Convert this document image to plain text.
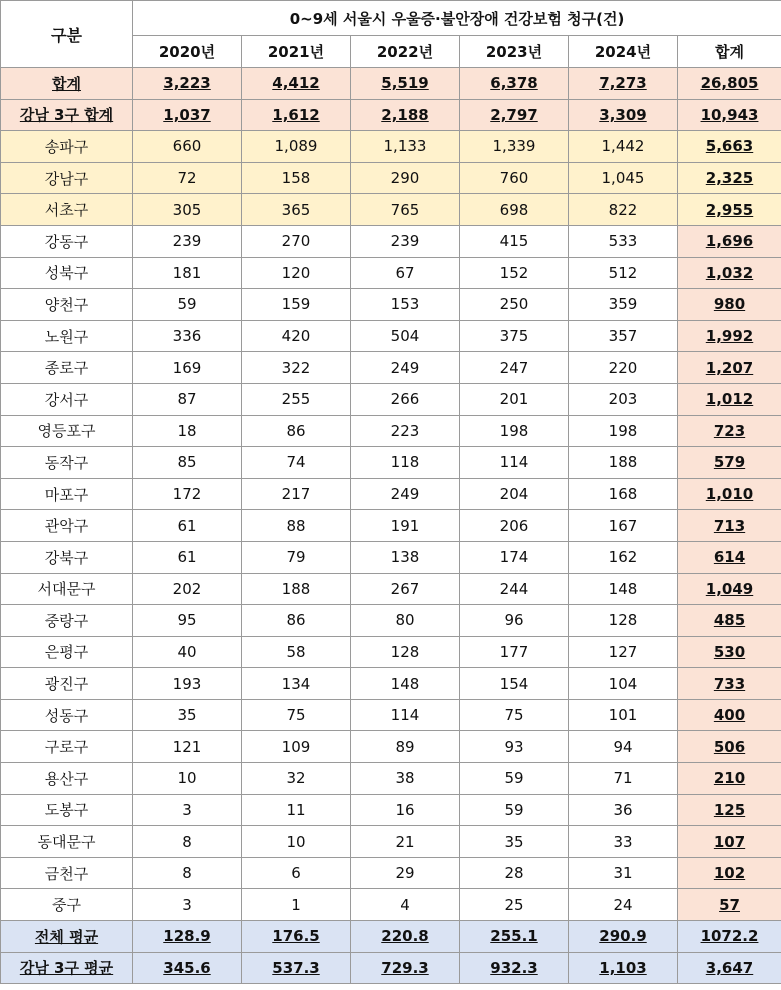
구분	0~9세 서울시 우울증·불안장애 건강보험 청구(건)					
	2020년	2021년	2022년	2023년	2024년	합계
합계	3,223	4,412	5,519	6,378	7,273	26,805
강남 3구 합계	1,037	1,612	2,188	2,797	3,309	10,943
송파구	660	1,089	1,133	1,339	1,442	5,663
강남구	72	158	290	760	1,045	2,325
서초구	305	365	765	698	822	2,955
강동구	239	270	239	415	533	1,696
성북구	181	120	67	152	512	1,032
양천구	59	159	153	250	359	980
노원구	336	420	504	375	357	1,992
종로구	169	322	249	247	220	1,207
강서구	87	255	266	201	203	1,012
영등포구	18	86	223	198	198	723
동작구	85	74	118	114	188	579
마포구	172	217	249	204	168	1,010
관악구	61	88	191	206	167	713
강북구	61	79	138	174	162	614
서대문구	202	188	267	244	148	1,049
중랑구	95	86	80	96	128	485
은평구	40	58	128	177	127	530
광진구	193	134	148	154	104	733
성동구	35	75	114	75	101	400
구로구	121	109	89	93	94	506
용산구	10	32	38	59	71	210
도봉구	3	11	16	59	36	125
동대문구	8	10	21	35	33	107
금천구	8	6	29	28	31	102
중구	3	1	4	25	24	57
전체 평균	128.9	176.5	220.8	255.1	290.9	1072.2
강남 3구 평균	345.6	537.3	729.3	932.3	1,103	3,647
